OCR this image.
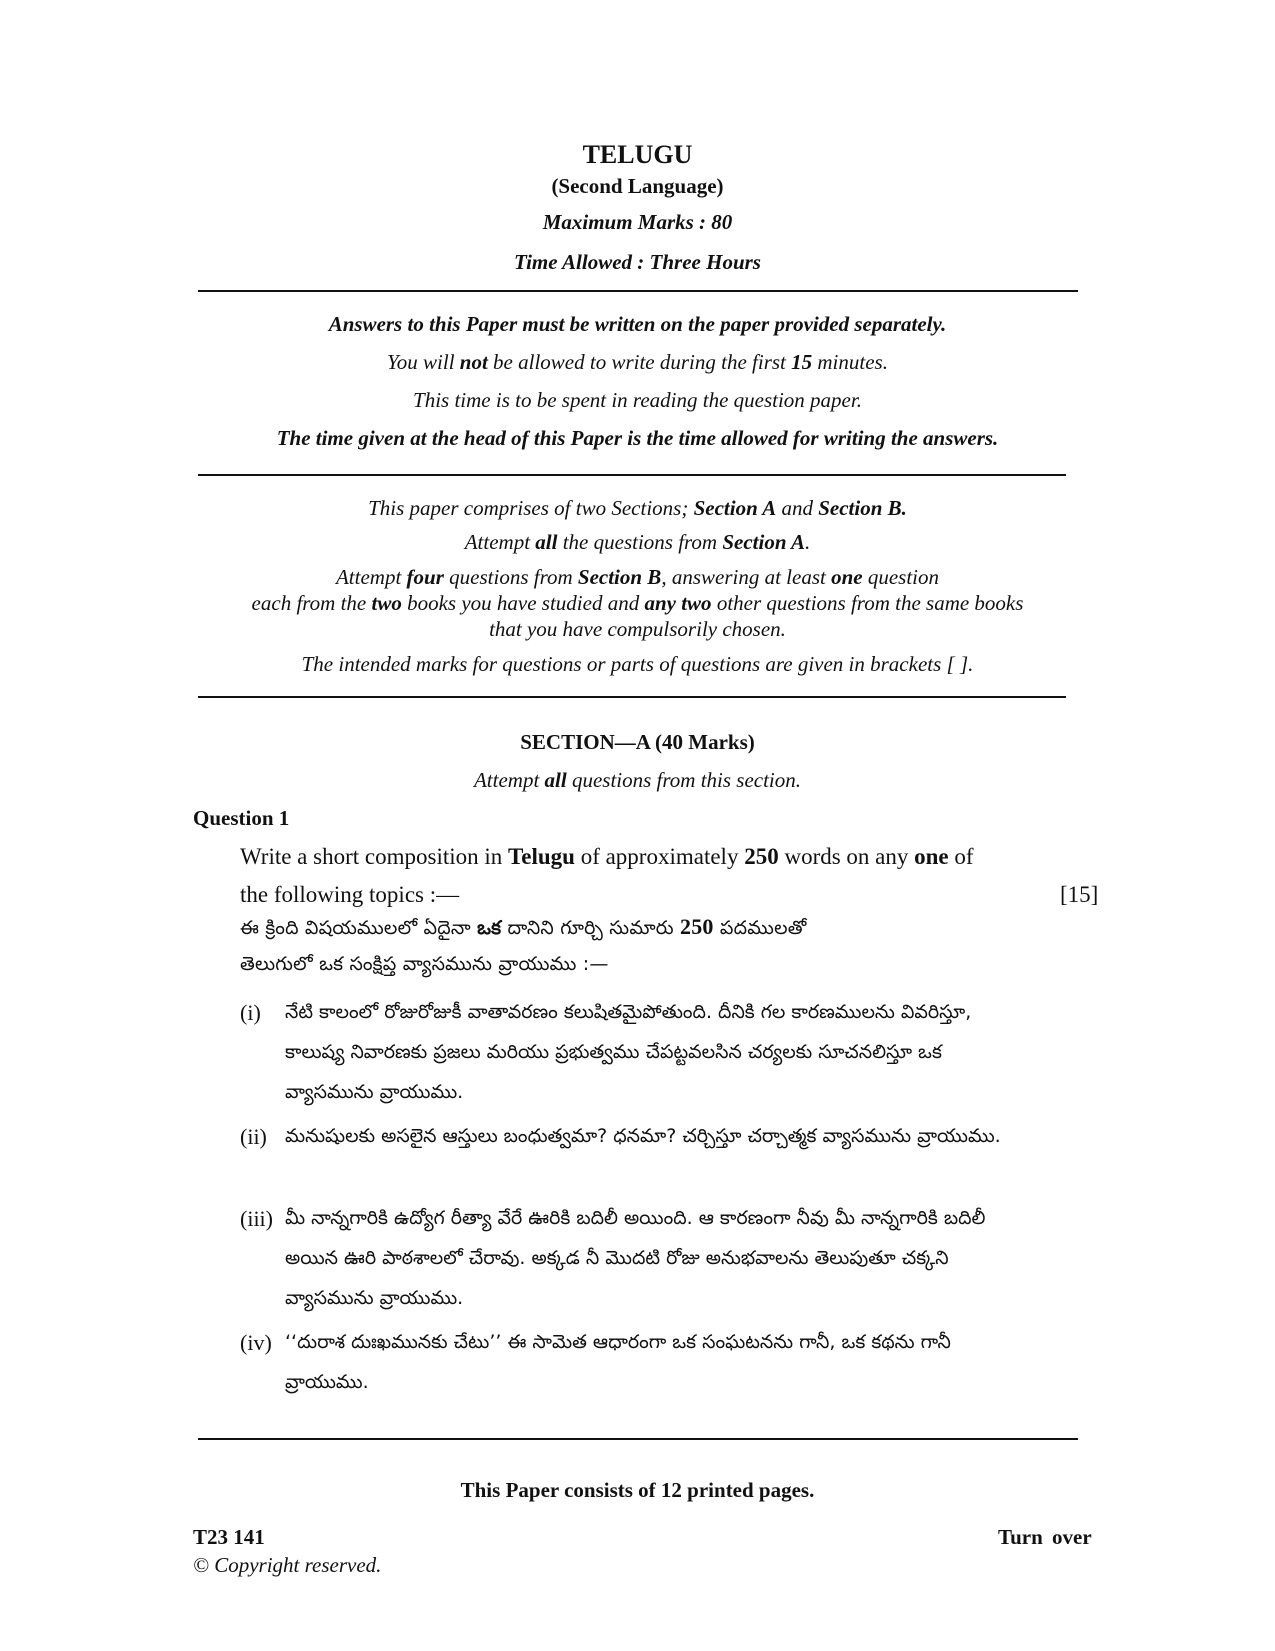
TELUGU
(Second Language)
Maximum Marks : 80
Time Allowed : Three Hours
Answers to this Paper must be written on the paper provided separately.
You will not be allowed to write during the first 15 minutes.
This time is to be spent in reading the question paper.
The time given at the head of this Paper is the time allowed for writing the answers.
This paper comprises of two Sections; Section A and Section B.
Attempt all the questions from Section A.
Attempt four questions from Section B, answering at least one question
each from the two books you have studied and any two other questions from the same books
that you have compulsorily chosen.
The intended marks for questions or parts of questions are given in brackets [ ].
SECTION—A (40 Marks)
Attempt all questions from this section.
Question 1
Write a short composition in Telugu of approximately 250 words on any one of
the following topics :—	[15]
ఈ క్రింది విషయములలో ఏదైనా ఒక దానిని గూర్చి సుమారు 250 పదములతో
తెలుగులో ఒక సంక్షిప్త వ్యాసమును వ్రాయుము :—
(i) నేటి కాలంలో రోజురోజుకీ వాతావరణం కలుషితమైపోతుంది. దీనికి గల కారణములను వివరిస్తూ, కాలుష్య నివారణకు ప్రజలు మరియు ప్రభుత్వము చేపట్టవలసిన చర్యలకు సూచనలిస్తూ ఒక వ్యాసమును వ్రాయుము.
(ii) మనుషులకు అసలైన ఆస్తులు బంధుత్వమా? ధనమా? చర్చిస్తూ చర్చాత్మక వ్యాసమును వ్రాయుము.
(iii) మీ నాన్నగారికి ఉద్యోగ రీత్యా వేరే ఊరికి బదిలీ అయింది. ఆ కారణంగా నీవు మీ నాన్నగారికి బదిలీ అయిన ఊరి పాఠశాలలో చేరావు. అక్కడ నీ మొదటి రోజు అనుభవాలను తెలుపుతూ చక్కని వ్యాసమును వ్రాయుము.
(iv) ‘‘దురాశ దుఃఖమునకు చేటు’’ ఈ సామెత ఆధారంగా ఒక సంఘటనను గానీ, ఒక కథను గానీ వ్రాయుము.
This Paper consists of 12 printed pages.
T23 141	Turn over
© Copyright reserved.
